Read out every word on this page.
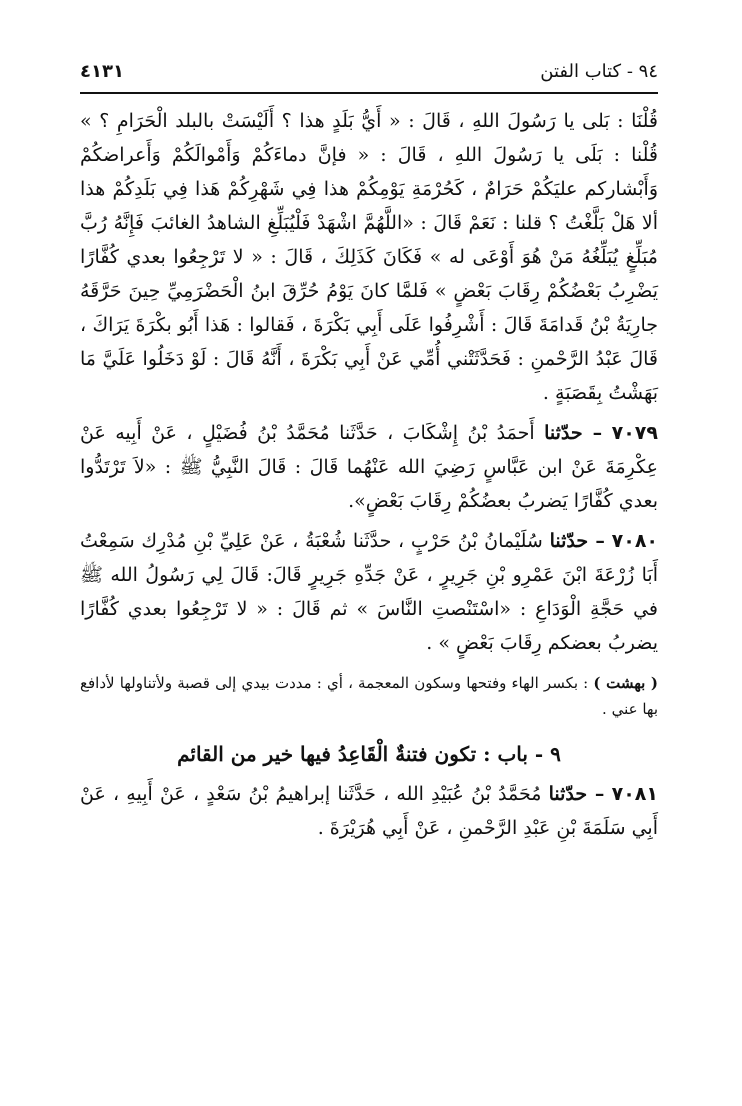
٩٤ - كتاب الفتن
٤١٣١

قُلْنَا : بَلى يا رَسُولَ اللهِ ، قَالَ : « أَيُّ بَلَدٍ هذا ؟ أَلَيْسَتْ بالبلد الْحَرَامِ ؟ » قُلْنا : بَلَى يا رَسُولَ اللهِ ، قَالَ : « فإنَّ دماءَكُمْ وَأَمْوالَكُمْ وَأَعراضكُمْ وَأَبْشاركم عليَكُمْ حَرَامٌ ، كَحُرْمَةِ يَوْمِكُمْ هذا فِي شَهْرِكُمْ هَذا فِي بَلَدِكُمْ هذا ألا هَلْ بَلَّغْتُ ؟ قلنا : نَعَمْ قَالَ : «اللَّهُمَّ اشْهَدْ فَلْيُبَلِّغِ الشاهدُ الغائبَ فَإِنَّهُ رُبَّ مُبَلِّغٍ يُبَلِّغُهُ مَنْ هُوَ أَوْعَى له » فَكَانَ كَذَلِكَ ، قَالَ : « لا تَرْجِعُوا بعدي كُفَّارًا يَضْرِبُ بَعْضُكُمْ رِقَابَ بَعْضٍ » فَلمَّا كانَ يَوْمُ حُرِّقَ ابنُ الْحَضْرَمِيِّ حِينَ حَرَّقَهُ جارِيَةُ بْنُ قَدامَةَ قَالَ : أَشْرِفُوا عَلَى أَبِي بَكْرَةَ ، فَقالوا : هَذا أَبُو بكْرَةَ يَرَاكَ ، قَالَ عَبْدُ الرَّحْمنِ : فَحَدَّثَتْني أُمِّي عَنْ أَبِي بَكْرَةَ ، أَنَّهُ قَالَ : لَوْ دَخَلُوا عَلَيَّ مَا بَهَشْتُ بِقَصَبَةٍ .

٧٠٧٩ – حدّثنا أَحمَدُ بْنُ إِشْكَابَ ، حَدَّثَنا مُحَمَّدُ بْنُ فُضَيْلٍ ، عَنْ أَبِيه عَنْ عِكْرِمَةَ عَنْ ابن عَبَّاسٍ رَضِيَ الله عَنْهُما قَالَ : قَالَ النَّبِيُّ ﷺ : «لاَ تَرْتَدُّوا بعدي كُفَّارًا يَضربُ بعضُكُمْ رِقَابَ بَعْضٍ».

٧٠٨٠ – حدّثنا سُلَيْمانُ بْنُ حَرْبٍ ، حدَّثَنا شُعْبَةُ ، عَنْ عَلِيِّ بْنِ مُدْرِك سَمِعْتُ أَبَا زُرْعَةَ ابْنَ عَمْرِو بْنِ جَرِيرٍ ، عَنْ جَدِّهِ جَرِيرٍ قَالَ: قَالَ لِي رَسُولُ الله ﷺ في حَجَّةِ الْوَدَاعِ : «اسْتَنْصتِ النَّاسَ » ثم قَالَ : « لا تَرْجِعُوا بعدي كُفَّارًا يضربُ بعضكم رِقَابَ بَعْضٍ » .

( بهشت ) : بكسر الهاء وفتحها وسكون المعجمة ، أي : مددت بيدي إلى قصبة ولأتناولها لأدافع بها عني .

٩ - باب : تكون فتنةٌ الْقَاعِدُ فيها خير من القائم

٧٠٨١ – حدّثنا مُحَمَّدُ بْنُ عُبَيْدِ الله ، حَدَّثَنا إبراهيمُ بْنُ سَعْدٍ ، عَنْ أَبِيهِ ، عَنْ أَبِي سَلَمَةَ بْنِ عَبْدِ الرَّحْمنِ ، عَنْ أَبِي هُرَيْرَةَ .
